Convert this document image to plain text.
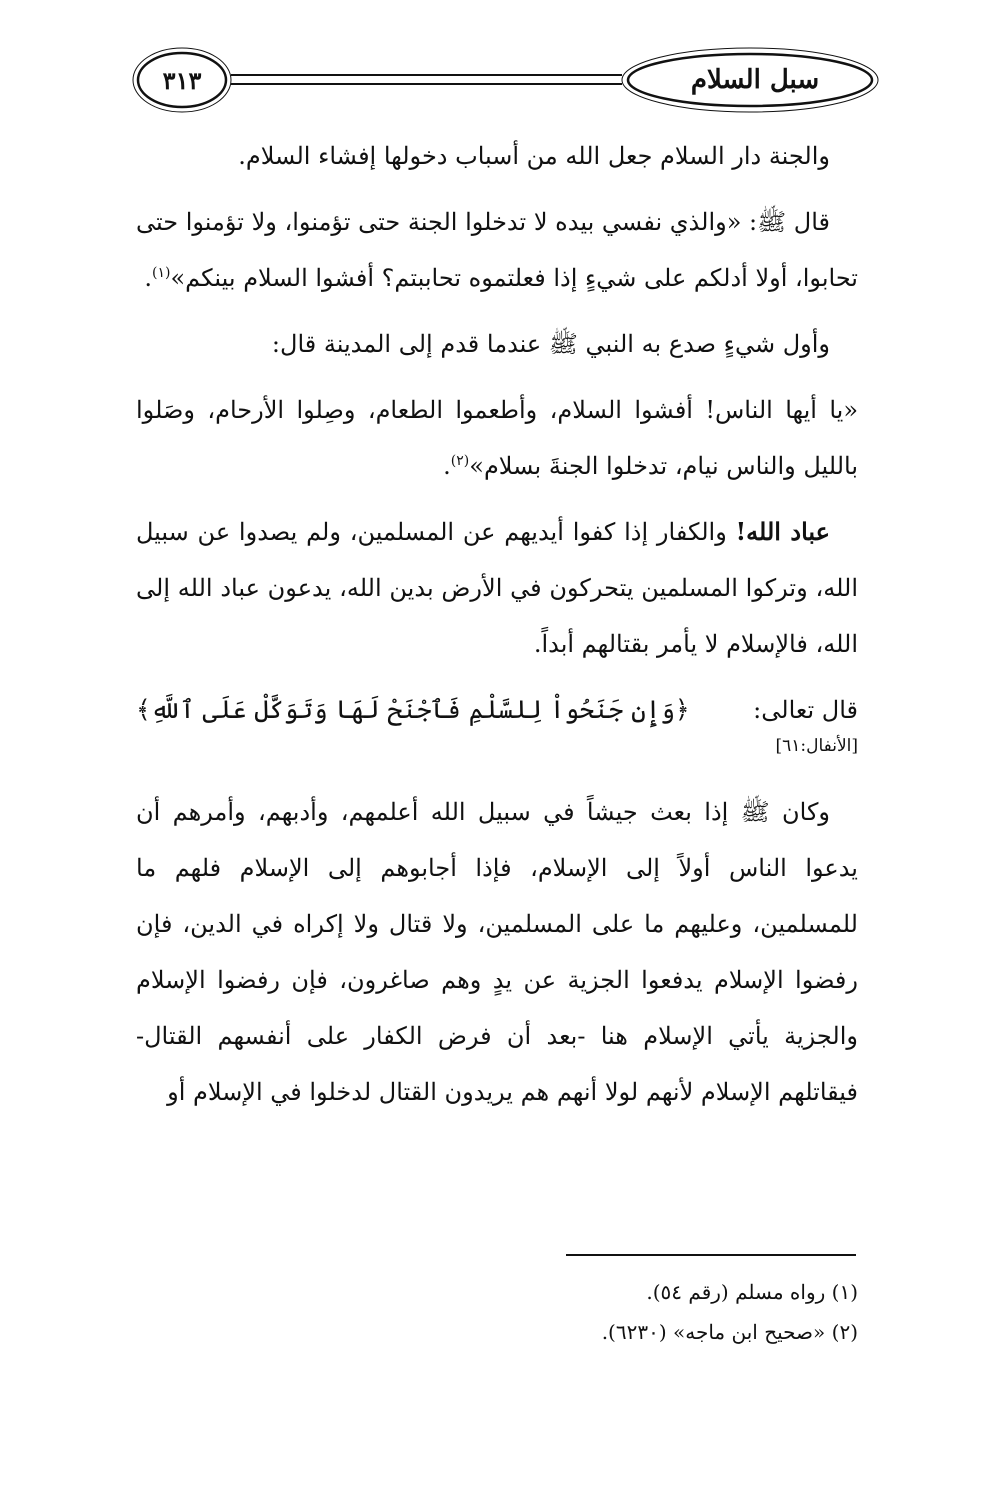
سبل السلام
٣١٣

والجنة دار السلام جعل الله من أسباب دخولها إفشاء السلام.

قال ﷺ: «والذي نفسي بيده لا تدخلوا الجنة حتى تؤمنوا، ولا تؤمنوا حتى تحابوا، أولا أدلكم على شيءٍ إذا فعلتموه تحاببتم؟ أفشوا السلام بينكم»$^{(١)}$.

وأول شيءٍ صدع به النبي ﷺ عندما قدم إلى المدينة قال:

«يا أيها الناس! أفشوا السلام، وأطعموا الطعام، وصِلوا الأرحام، وصَلوا بالليل والناس نيام، تدخلوا الجنةَ بسلام»$^{(٢)}$.

عباد الله! والكفار إذا كفوا أيديهم عن المسلمين، ولم يصدوا عن سبيل الله، وتركوا المسلمين يتحركون في الأرض بدين الله، يدعون عباد الله إلى الله، فالإسلام لا يأمر بقتالهم أبداً.

قال تعالى:
﴿وَإِن جَنَحُواْ لِلسَّلْمِ فَٱجْنَحْ لَهَا وَتَوَكَّلْ عَلَى ٱللَّهِ﴾
[الأنفال:٦١]

وكان ﷺ إذا بعث جيشاً في سبيل الله أعلمهم، وأدبهم، وأمرهم أن يدعوا الناس أولاً إلى الإسلام، فإذا أجابوهم إلى الإسلام فلهم ما للمسلمين، وعليهم ما على المسلمين، ولا قتال ولا إكراه في الدين، فإن رفضوا الإسلام يدفعوا الجزية عن يدٍ وهم صاغرون، فإن رفضوا الإسلام والجزية يأتي الإسلام هنا -بعد أن فرض الكفار على أنفسهم القتال- فيقاتلهم الإسلام لأنهم لولا أنهم هم يريدون القتال لدخلوا في الإسلام أو

(١) رواه مسلم (رقم ٥٤).

(٢) «صحيح ابن ماجه» (٦٢٣٠).
